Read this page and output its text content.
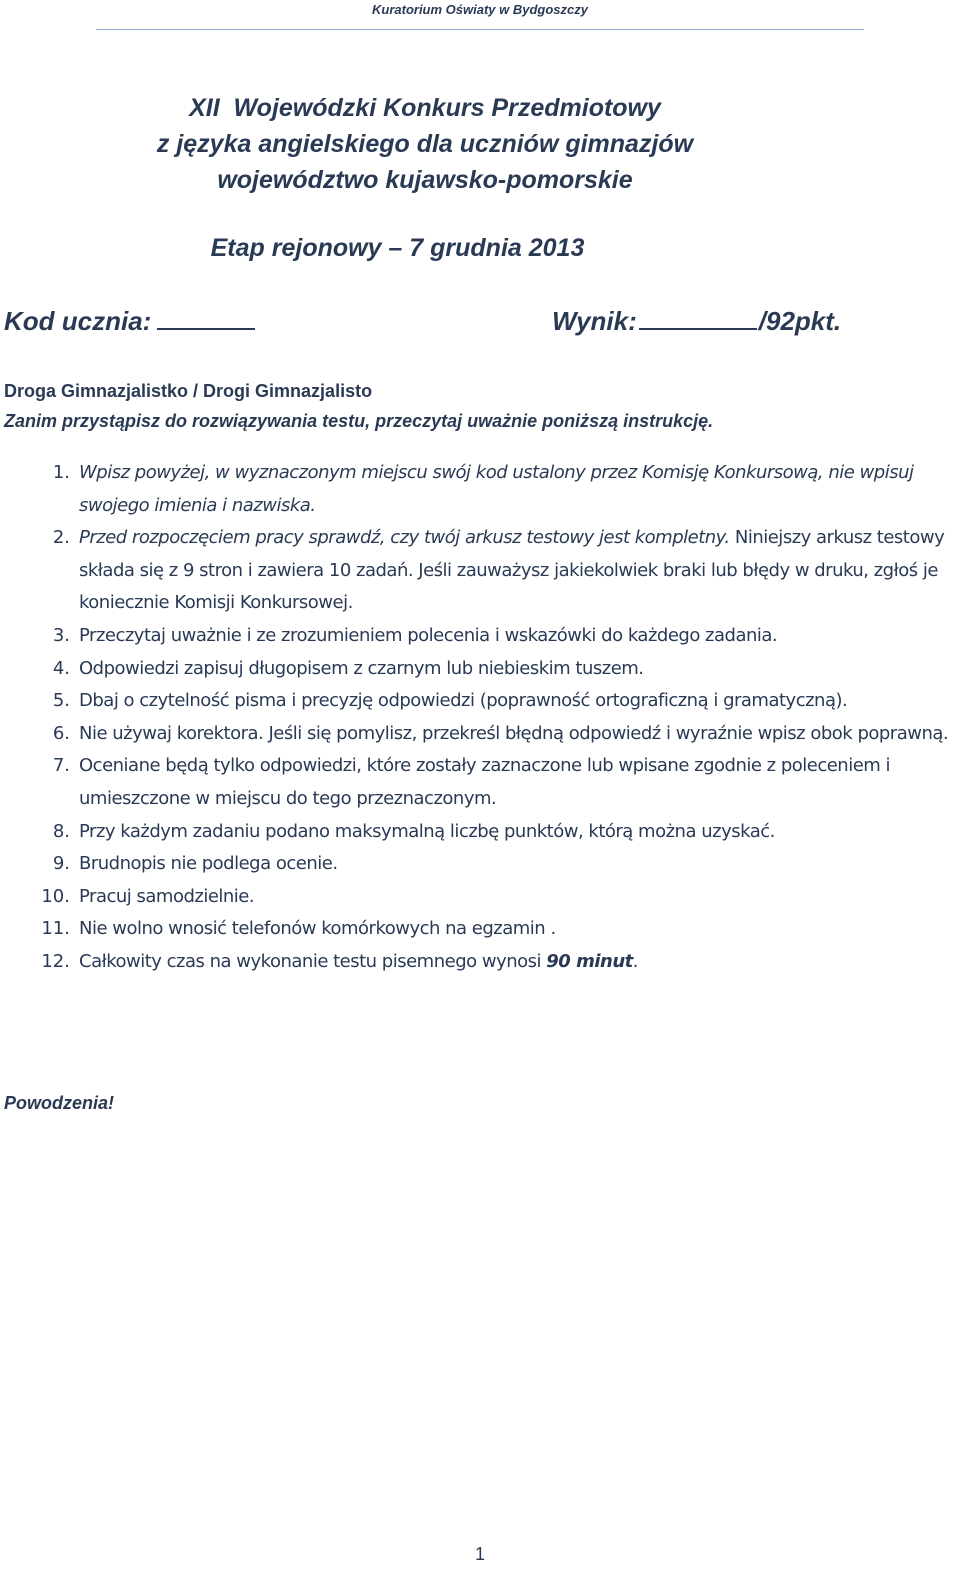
Kuratorium Oświaty w Bydgoszczy
XII  Wojewódzki Konkurs Przedmiotowy
z języka angielskiego dla uczniów gimnazjów
województwo kujawsko-pomorskie
Etap rejonowy – 7 grudnia 2013
Kod ucznia:	Wynik:	/92pkt.
Droga Gimnazjalistko / Drogi Gimnazjalisto
Zanim przystąpisz do rozwiązywania testu, przeczytaj uważnie poniższą instrukcję.
1. Wpisz powyżej, w wyznaczonym miejscu swój kod ustalony przez Komisję Konkursową, nie wpisuj swojego imienia i nazwiska.
2. Przed rozpoczęciem pracy sprawdź, czy twój arkusz testowy jest kompletny. Niniejszy arkusz testowy składa się z 9 stron i zawiera 10 zadań. Jeśli zauważysz jakiekolwiek braki lub błędy w druku, zgłoś je koniecznie Komisji Konkursowej.
3. Przeczytaj uważnie i ze zrozumieniem polecenia i wskazówki do każdego zadania.
4. Odpowiedzi zapisuj długopisem z czarnym lub niebieskim tuszem.
5. Dbaj o czytelność pisma i precyzję odpowiedzi (poprawność ortograficzną i gramatyczną).
6. Nie używaj korektora. Jeśli się pomylisz, przekreśl błędną odpowiedź i wyraźnie wpisz obok poprawną.
7. Oceniane będą tylko odpowiedzi, które zostały zaznaczone lub wpisane zgodnie z poleceniem i umieszczone w miejscu do tego przeznaczonym.
8. Przy każdym zadaniu podano maksymalną liczbę punktów, którą można uzyskać.
9. Brudnopis nie podlega ocenie.
10. Pracuj samodzielnie.
11. Nie wolno wnosić telefonów komórkowych na egzamin .
12. Całkowity czas na wykonanie testu pisemnego wynosi 90 minut.
Powodzenia!
1
